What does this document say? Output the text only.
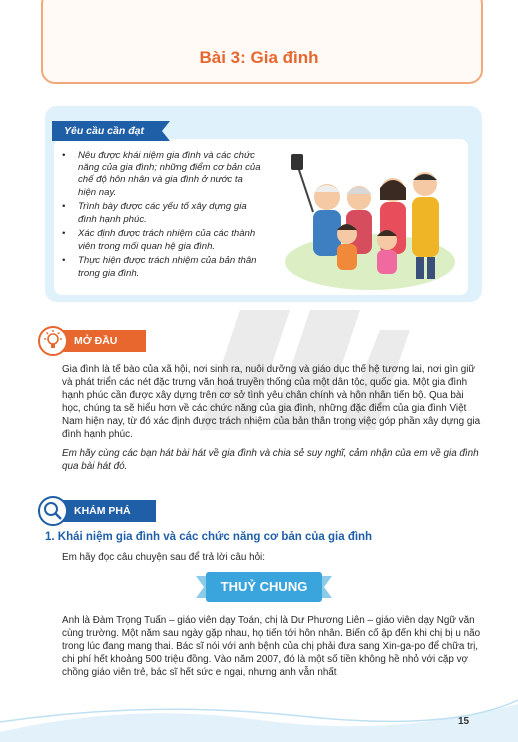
Bài 3: Gia đình
Yêu cầu cần đạt
• Nêu được khái niệm gia đình và các chức năng của gia đình; những điểm cơ bản của chế độ hôn nhân và gia đình ở nước ta hiện nay.
• Trình bày được các yếu tố xây dựng gia đình hạnh phúc.
• Xác định được trách nhiệm của các thành viên trong mối quan hệ gia đình.
• Thực hiện được trách nhiệm của bản thân trong gia đình.
MỞ ĐẦU

Gia đình là tế bào của xã hội, nơi sinh ra, nuôi dưỡng và giáo dục thế hệ tương lai, nơi gìn giữ và phát triển các nét đặc trưng văn hoá truyền thống của một dân tộc, quốc gia. Một gia đình hạnh phúc cần được xây dựng trên cơ sở tình yêu chân chính và hôn nhân tiến bộ. Qua bài học, chúng ta sẽ hiểu hơn về các chức năng của gia đình, những đặc điểm của gia đình Việt Nam hiện nay, từ đó xác định được trách nhiệm của bản thân trong việc góp phần xây dựng gia đình hạnh phúc.

Em hãy cùng các bạn hát bài hát về gia đình và chia sẻ suy nghĩ, cảm nhận của em về gia đình qua bài hát đó.

KHÁM PHÁ
1. Khái niệm gia đình và các chức năng cơ bản của gia đình

Em hãy đọc câu chuyện sau để trả lời câu hỏi:

THUỶ CHUNG

Anh là Đàm Trọng Tuấn – giáo viên dạy Toán, chị là Dư Phương Liên – giáo viên dạy Ngữ văn cùng trường. Một năm sau ngày gặp nhau, họ tiến tới hôn nhân. Biến cố ập đến khi chị bị u não trong lúc đang mang thai. Bác sĩ nói với anh bệnh của chị phải đưa sang Xin-ga-po để chữa trị, chi phí hết khoảng 500 triệu đồng. Vào năm 2007, đó là một số tiền không hề nhỏ với cặp vợ chồng giáo viên trẻ, bác sĩ hết sức e ngại, nhưng anh vẫn nhất

15
